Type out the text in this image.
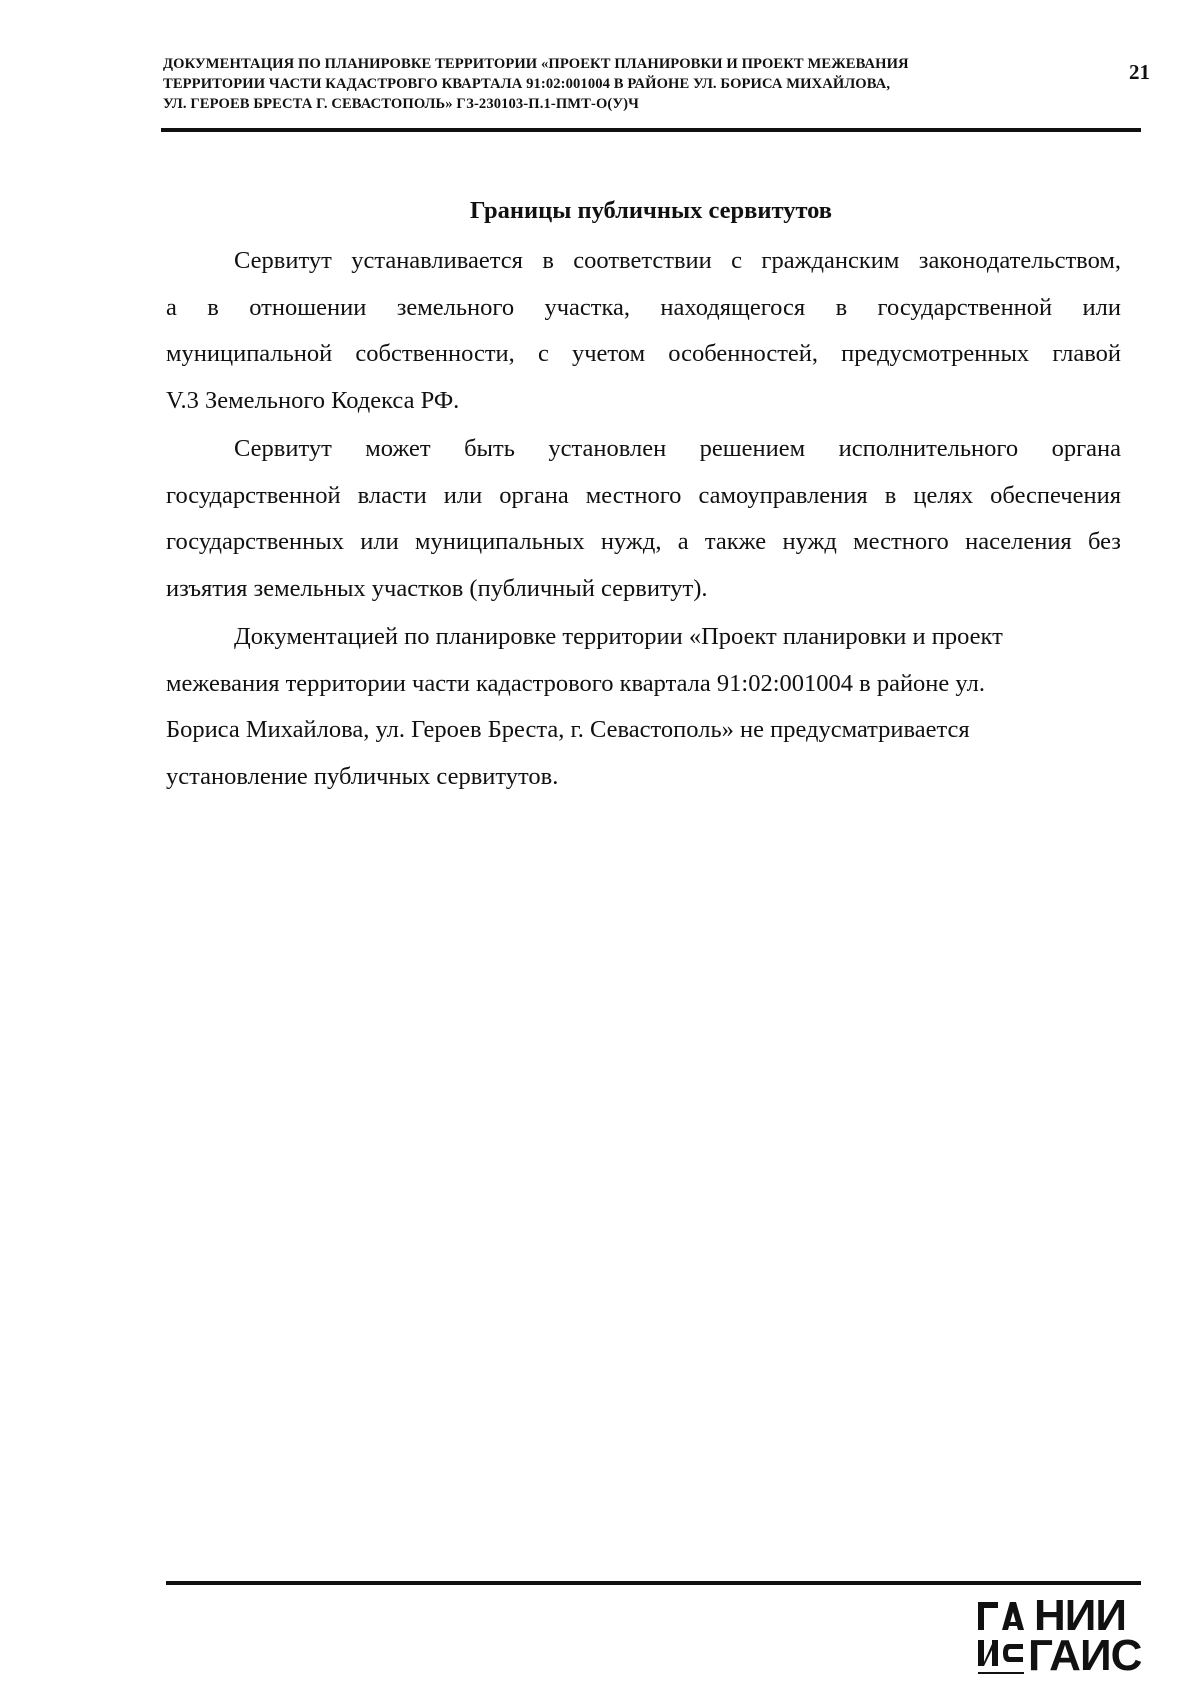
ДОКУМЕНТАЦИЯ ПО ПЛАНИРОВКЕ ТЕРРИТОРИИ «ПРОЕКТ ПЛАНИРОВКИ И ПРОЕКТ МЕЖЕВАНИЯ
ТЕРРИТОРИИ ЧАСТИ КАДАСТРОВГО КВАРТАЛА 91:02:001004 В РАЙОНЕ УЛ. БОРИСА МИХАЙЛОВА,
УЛ. ГЕРОЕВ БРЕСТА Г. СЕВАСТОПОЛЬ» ГЗ-230103-П.1-ПМТ-О(У)Ч
21
Границы публичных сервитутов
Сервитут устанавливается в соответствии с гражданским законодательством,
а в отношении земельного участка, находящегося в государственной или
муниципальной собственности, с учетом особенностей, предусмотренных главой
V.3 Земельного Кодекса РФ.
Сервитут может быть установлен решением исполнительного органа
государственной власти или органа местного самоуправления в целях обеспечения
государственных или муниципальных нужд, а также нужд местного населения без
изъятия земельных участков (публичный сервитут).
Документацией по планировке территории «Проект планировки и проект
межевания территории части кадастрового квартала 91:02:001004 в районе ул.
Бориса Михайлова, ул. Героев Бреста, г. Севастополь» не предусматривается
установление публичных сервитутов.
НИИ
ГАИС
